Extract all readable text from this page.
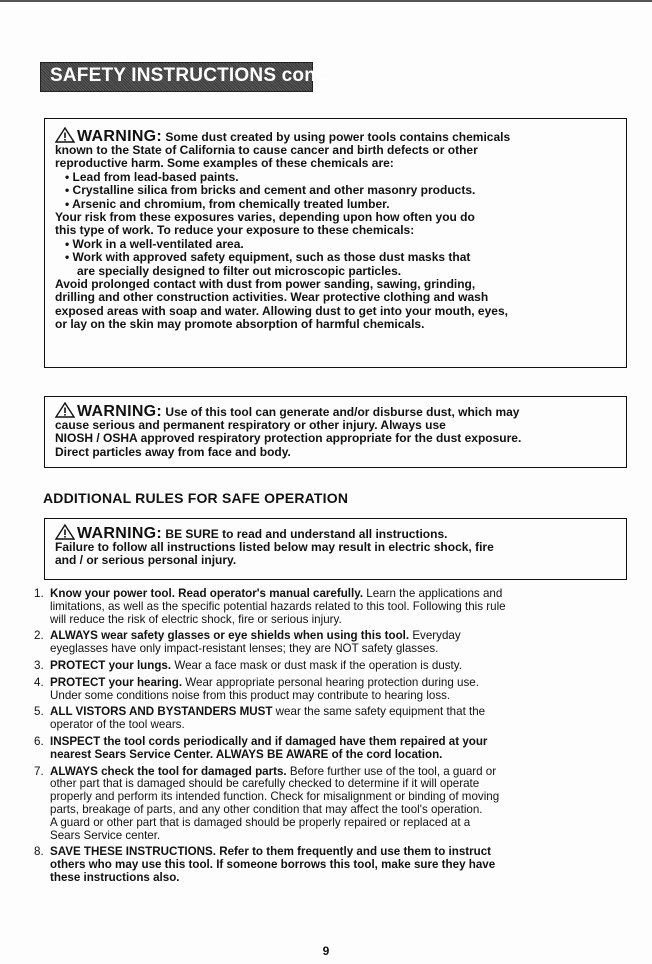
SAFETY INSTRUCTIONS cont.
WARNING: Some dust created by using power tools contains chemicals
known to the State of California to cause cancer and birth defects or other
reproductive harm. Some examples of these chemicals are:
• Lead from lead-based paints.
• Crystalline silica from bricks and cement and other masonry products.
• Arsenic and chromium, from chemically treated lumber.
Your risk from these exposures varies, depending upon how often you do
this type of work. To reduce your exposure to these chemicals:
• Work in a well-ventilated area.
• Work with approved safety equipment, such as those dust masks that
are specially designed to filter out microscopic particles.
Avoid prolonged contact with dust from power sanding, sawing, grinding,
drilling and other construction activities. Wear protective clothing and wash
exposed areas with soap and water. Allowing dust to get into your mouth, eyes,
or lay on the skin may promote absorption of harmful chemicals.
WARNING: Use of this tool can generate and/or disburse dust, which may
cause serious and permanent respiratory or other injury. Always use
NIOSH / OSHA approved respiratory protection appropriate for the dust exposure.
Direct particles away from face and body.
ADDITIONAL RULES FOR SAFE OPERATION
WARNING: BE SURE to read and understand all instructions.
Failure to follow all instructions listed below may result in electric shock, fire
and / or serious personal injury.
1. Know your power tool. Read operator's manual carefully. Learn the applications and
limitations, as well as the specific potential hazards related to this tool. Following this rule
will reduce the risk of electric shock, fire or serious injury.
2. ALWAYS wear safety glasses or eye shields when using this tool. Everyday
eyeglasses have only impact-resistant lenses; they are NOT safety glasses.
3. PROTECT your lungs. Wear a face mask or dust mask if the operation is dusty.
4. PROTECT your hearing. Wear appropriate personal hearing protection during use.
Under some conditions noise from this product may contribute to hearing loss.
5. ALL VISTORS AND BYSTANDERS MUST wear the same safety equipment that the
operator of the tool wears.
6. INSPECT the tool cords periodically and if damaged have them repaired at your
nearest Sears Service Center. ALWAYS BE AWARE of the cord location.
7. ALWAYS check the tool for damaged parts. Before further use of the tool, a guard or
other part that is damaged should be carefully checked to determine if it will operate
properly and perform its intended function. Check for misalignment or binding of moving
parts, breakage of parts, and any other condition that may affect the tool's operation.
A guard or other part that is damaged should be properly repaired or replaced at a
Sears Service center.
8. SAVE THESE INSTRUCTIONS. Refer to them frequently and use them to instruct
others who may use this tool. If someone borrows this tool, make sure they have
these instructions also.
9
